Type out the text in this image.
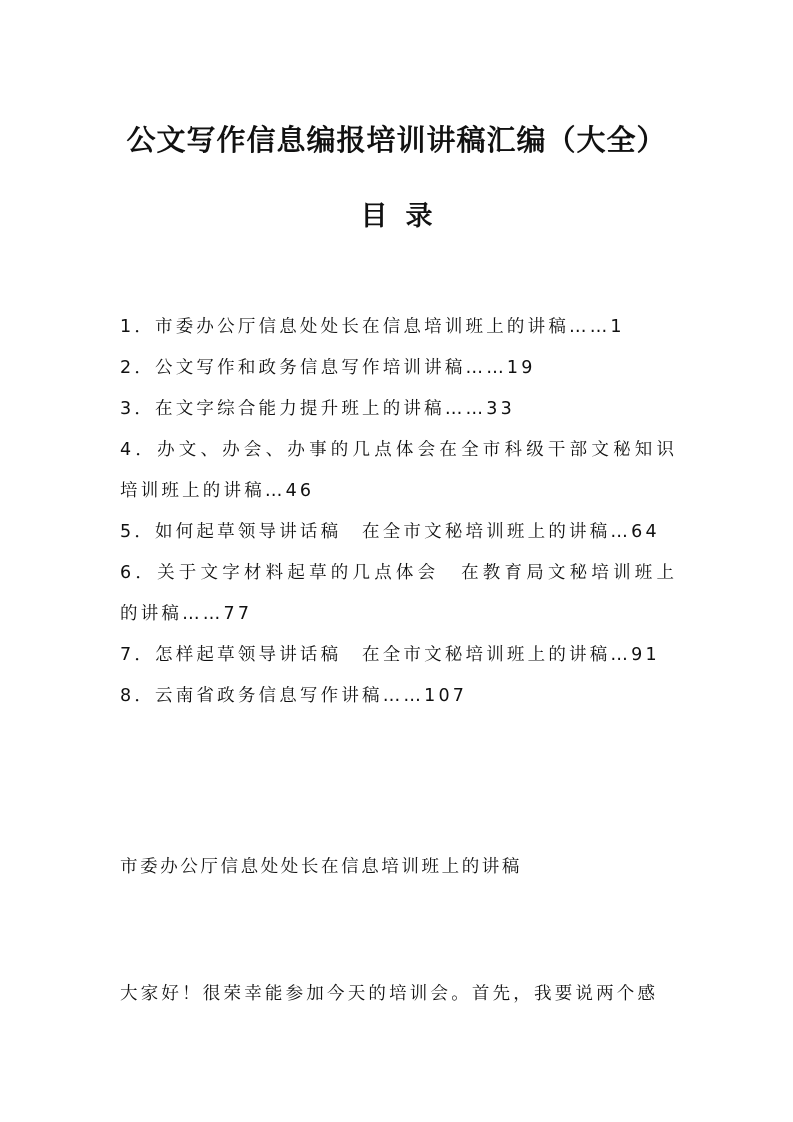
公文写作信息编报培训讲稿汇编（大全）
目录
1．市委办公厅信息处处长在信息培训班上的讲稿……1
2．公文写作和政务信息写作培训讲稿……19
3．在文字综合能力提升班上的讲稿……33
4．办文、办会、办事的几点体会在全市科级干部文秘知识
培训班上的讲稿…46
5．如何起草领导讲话稿　在全市文秘培训班上的讲稿…64
6．关于文字材料起草的几点体会　在教育局文秘培训班上
的讲稿……77
7．怎样起草领导讲话稿　在全市文秘培训班上的讲稿…91
8．云南省政务信息写作讲稿……107
市委办公厅信息处处长在信息培训班上的讲稿
大家好！很荣幸能参加今天的培训会。首先，我要说两个感
